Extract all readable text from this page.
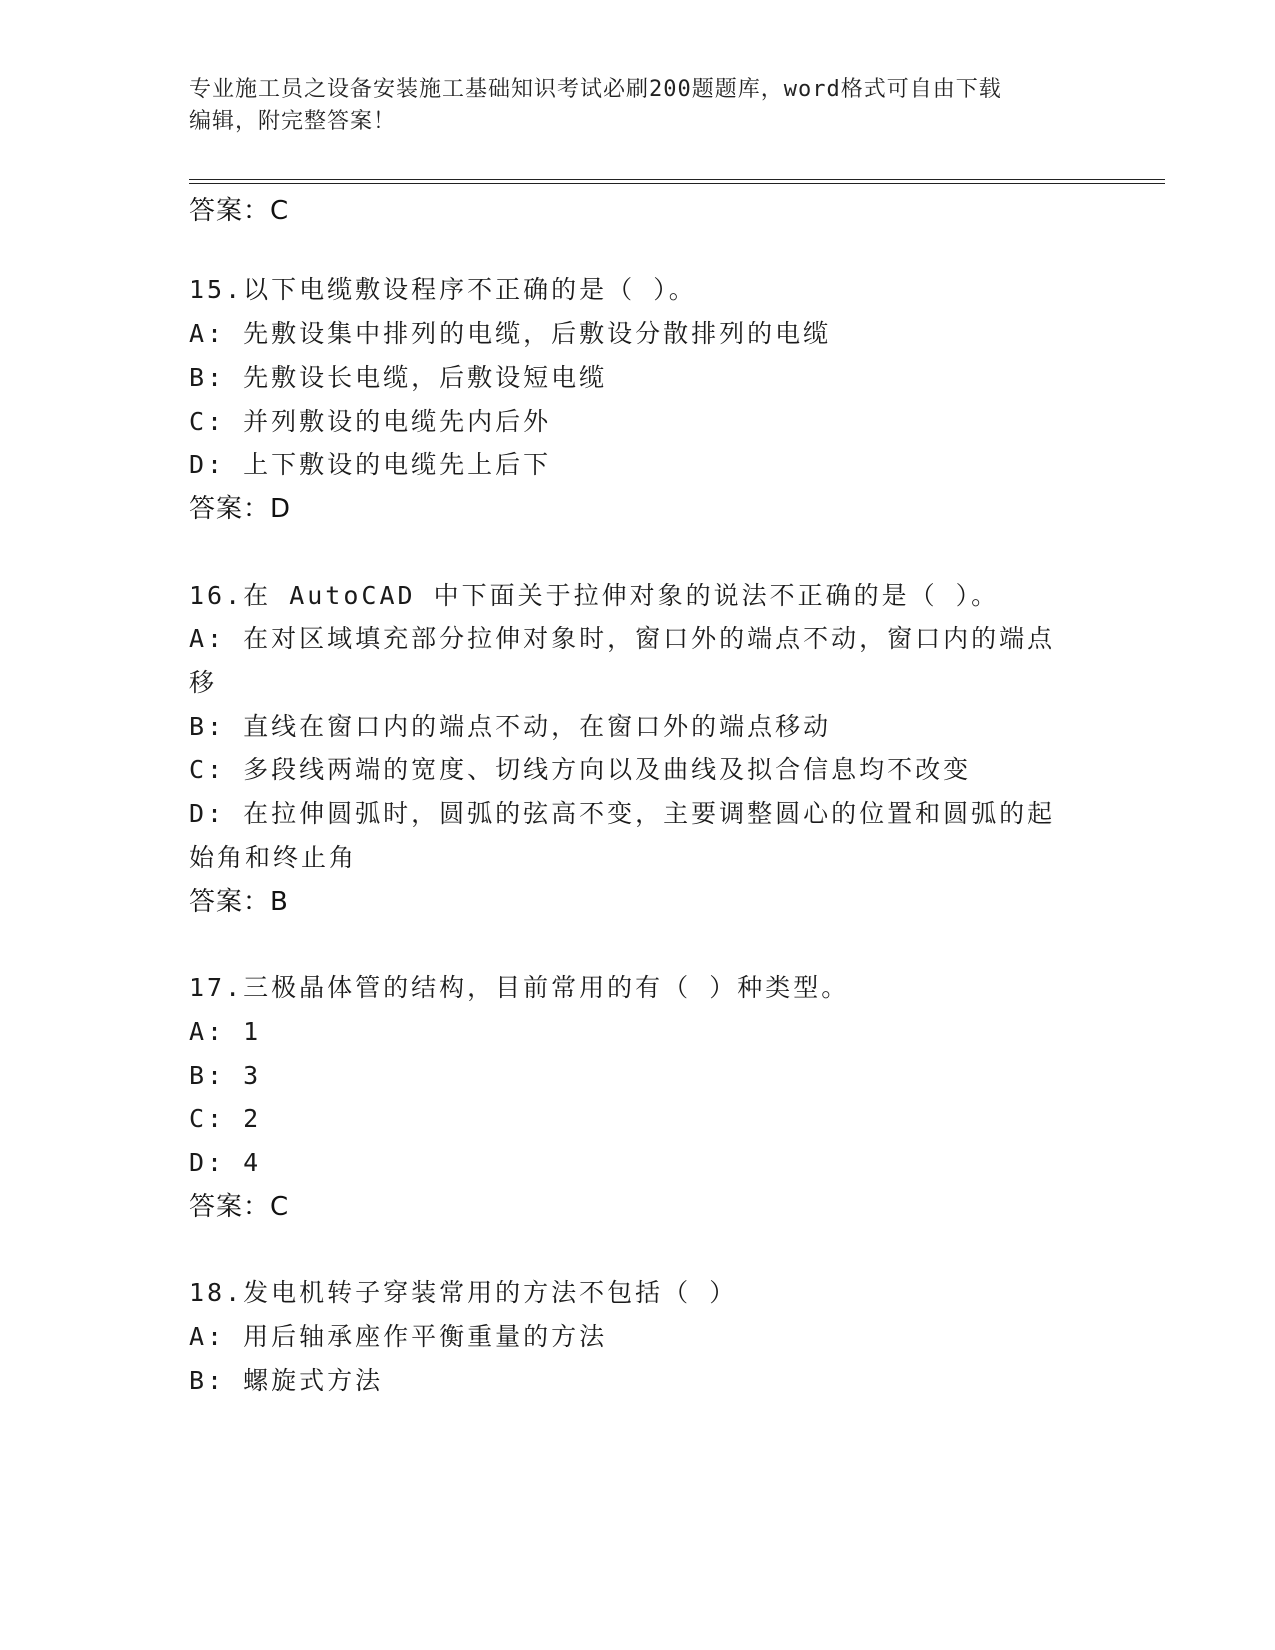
专业施工员之设备安装施工基础知识考试必刷200题题库，word格式可自由下载
编辑，附完整答案！
答案：C
15.以下电缆敷设程序不正确的是（ ）。
A: 先敷设集中排列的电缆，后敷设分散排列的电缆
B: 先敷设长电缆，后敷设短电缆
C: 并列敷设的电缆先内后外
D: 上下敷设的电缆先上后下
答案：D
16.在 AutoCAD 中下面关于拉伸对象的说法不正确的是（ ）。
A: 在对区域填充部分拉伸对象时，窗口外的端点不动，窗口内的端点
移
B: 直线在窗口内的端点不动，在窗口外的端点移动
C: 多段线两端的宽度、切线方向以及曲线及拟合信息均不改变
D: 在拉伸圆弧时，圆弧的弦高不变，主要调整圆心的位置和圆弧的起
始角和终止角
答案：B
17.三极晶体管的结构，目前常用的有（ ）种类型。
A: 1
B: 3
C: 2
D: 4
答案：C
18.发电机转子穿装常用的方法不包括（ ）
A: 用后轴承座作平衡重量的方法
B: 螺旋式方法
